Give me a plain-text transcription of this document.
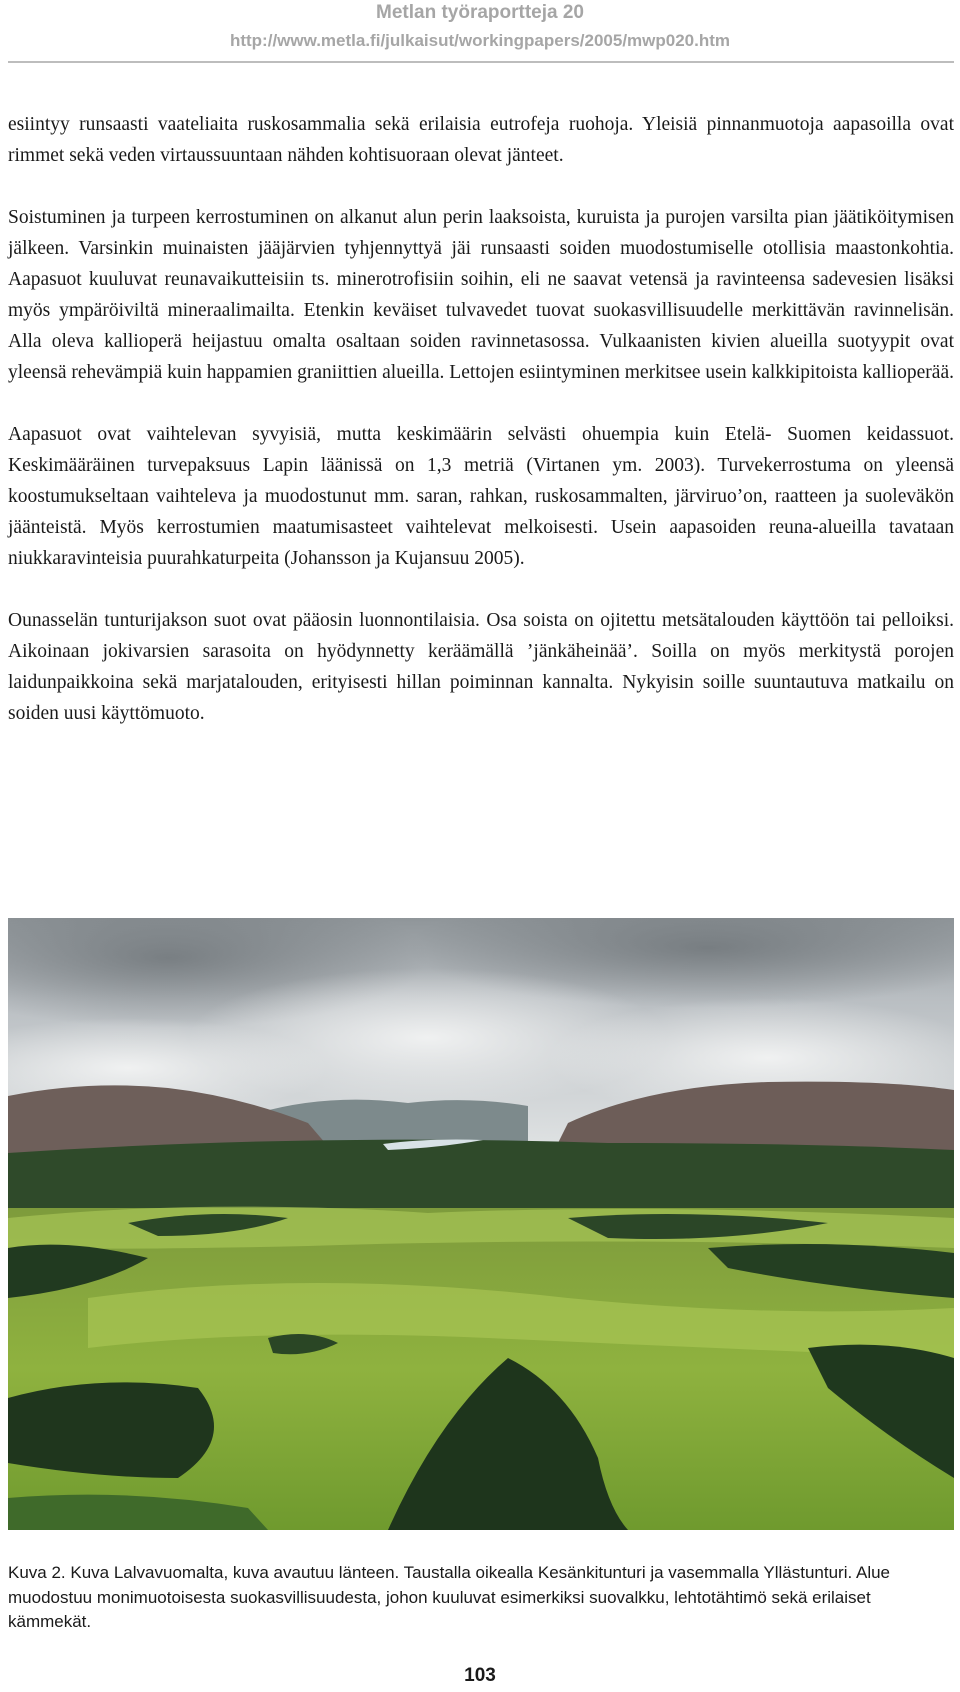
Metlan työraportteja 20
http://www.metla.fi/julkaisut/workingpapers/2005/mwp020.htm

esiintyy runsaasti vaateliaita ruskosammalia sekä erilaisia eutrofeja ruohoja. Yleisiä pinnanmuotoja aapasoilla ovat rimmet sekä veden virtaussuuntaan nähden kohtisuoraan olevat jänteet.

Soistuminen ja turpeen kerrostuminen on alkanut alun perin laaksoista, kuruista ja purojen varsilta pian jäätiköitymisen jälkeen. Varsinkin muinaisten jääjärvien tyhjennyttyä jäi runsaasti soiden muodostumiselle otollisia maastonkohtia. Aapasuot kuuluvat reunavaikutteisiin ts. minerotrofisiin soihin, eli ne saavat vetensä ja ravinteensa sadevesien lisäksi myös ympäröiviltä mineraalimailta. Etenkin keväiset tulvavedet tuovat suokasvillisuudelle merkittävän ravinnelisän. Alla oleva kallioperä heijastuu omalta osaltaan soiden ravinnetasossa. Vulkaanisten kivien alueilla suotyypit ovat yleensä rehevämpiä kuin happamien graniittien alueilla. Lettojen esiintyminen merkitsee usein kalkkipitoista kallioperää.

Aapasuot ovat vaihtelevan syvyisiä, mutta keskimäärin selvästi ohuempia kuin Etelä- Suomen keidassuot. Keskimääräinen turvepaksuus Lapin läänissä on 1,3 metriä (Virtanen ym. 2003). Turvekerrostuma on yleensä koostumukseltaan vaihteleva ja muodostunut mm. saran, rahkan, ruskosammalten, järviruo’on, raatteen ja suoleväkön jäänteistä. Myös kerrostumien maatumisasteet vaihtelevat melkoisesti. Usein aapasoiden reuna-alueilla tavataan niukkaravinteisia puurahkaturpeita (Johansson ja Kujansuu 2005).

Ounasselän tunturijakson suot ovat pääosin luonnontilaisia. Osa soista on ojitettu metsätalouden käyttöön tai pelloiksi. Aikoinaan jokivarsien sarasoita on hyödynnetty keräämällä ’jänkäheinää’. Soilla on myös merkitystä porojen laidunpaikkoina sekä marjatalouden, erityisesti hillan poiminnan kannalta. Nykyisin soille suuntautuva matkailu on soiden uusi käyttömuoto.

Kuva 2. Kuva Lalvavuomalta, kuva avautuu länteen. Taustalla oikealla Kesänkitunturi ja vasemmalla Yllästunturi. Alue muodostuu monimuotoisesta suokasvillisuudesta, johon kuuluvat esimerkiksi suovalkku, lehtotähtimö sekä erilaiset kämmekät.
103
